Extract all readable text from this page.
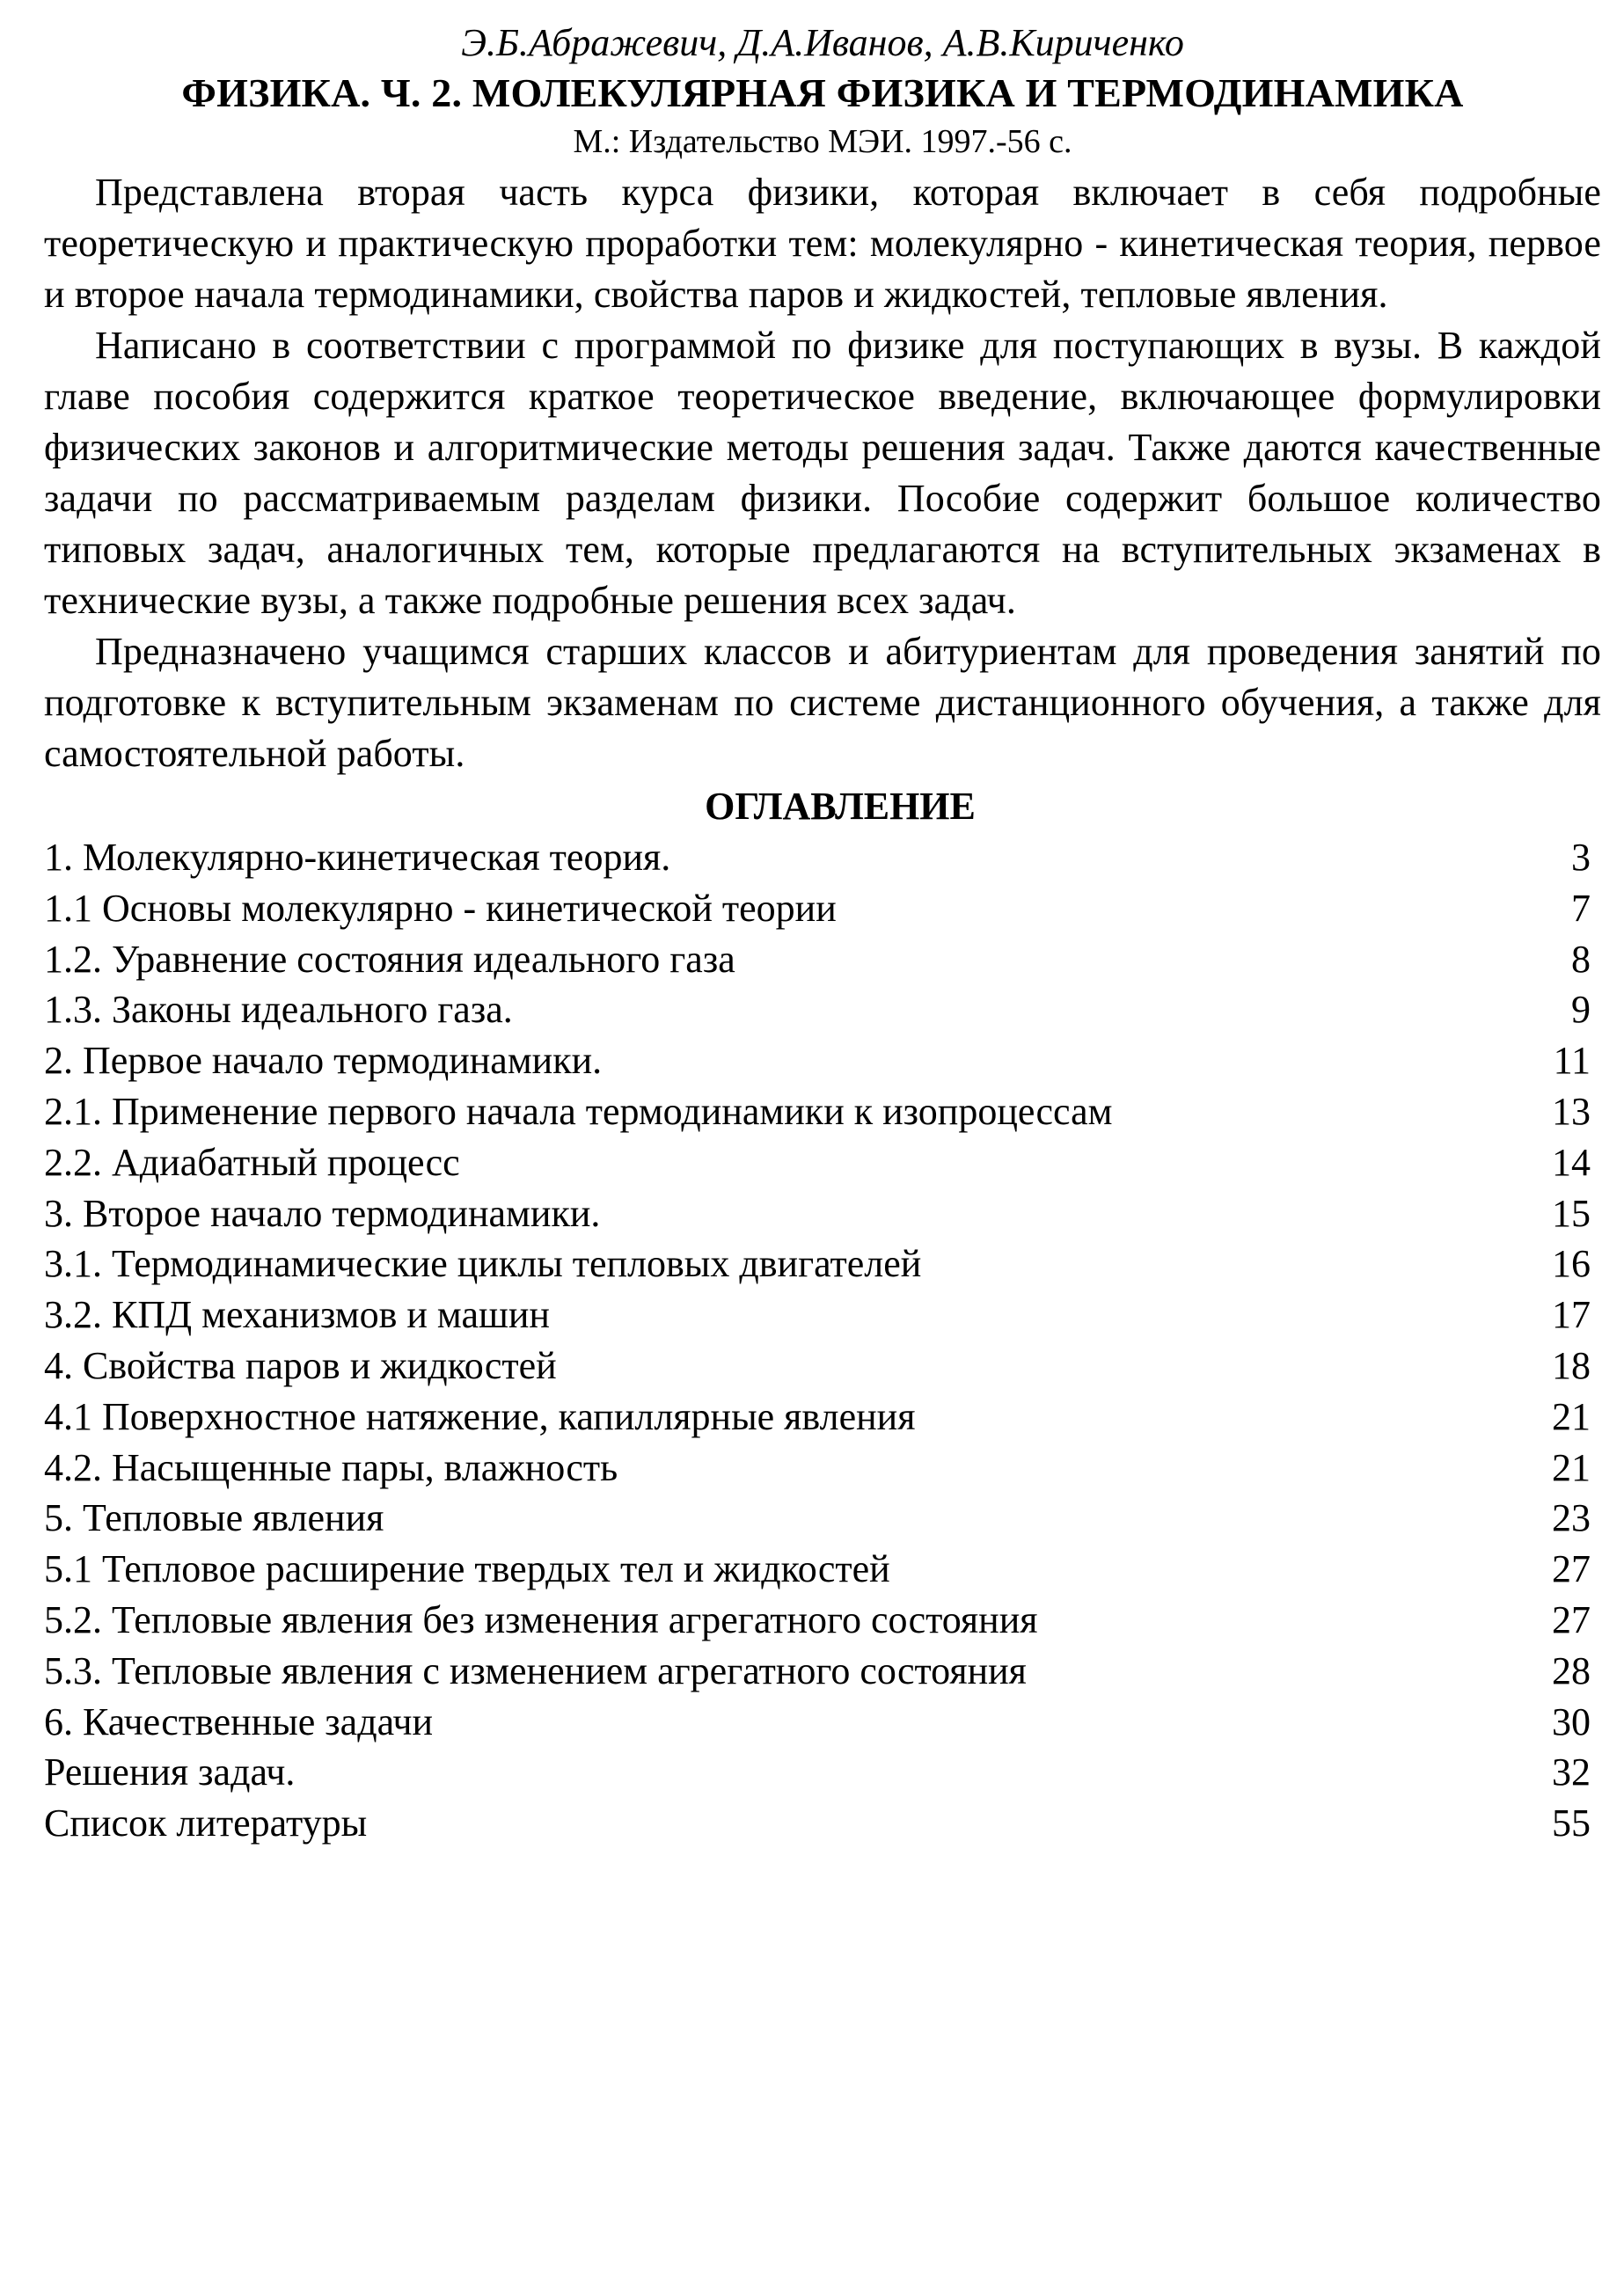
Э.Б.Абражевич, Д.А.Иванов, А.В.Кириченко

ФИЗИКА. Ч. 2. МОЛЕКУЛЯРНАЯ ФИЗИКА И ТЕРМОДИНАМИКА

М.: Издательство МЭИ. 1997.-56 с.

Представлена вторая часть курса физики, которая включает в себя подробные теоретическую и практическую проработки тем: молекулярно - кинетическая теория, первое и второе начала термодинамики, свойства паров и жидкостей, тепловые явления.

Написано в соответствии с программой по физике для поступающих в вузы. В каждой главе пособия содержится краткое теоретическое введение, включающее формулировки физических законов и алгоритмические методы решения задач. Также даются качественные задачи по рассматриваемым разделам физики. Пособие содержит большое количество типовых задач, аналогичных тем, которые предлагаются на вступительных экзаменах в технические вузы, а также подробные решения всех задач.

Предназначено учащимся старших классов и абитуриентам для проведения занятий по подготовке к вступительным экзаменам по системе дистанционного обучения, а также для самостоятельной работы.

ОГЛАВЛЕНИЕ
1. Молекулярно-кинетическая теория.	3
1.1 Основы молекулярно - кинетической теории	7
1.2. Уравнение состояния идеального газа	8
1.3. Законы идеального газа.	9
2. Первое начало термодинамики.	11
2.1. Применение первого начала термодинамики к изопроцессам	13
2.2. Адиабатный процесс	14
3. Второе начало термодинамики.	15
3.1. Термодинамические циклы тепловых двигателей	16
3.2. КПД механизмов и машин	17
4. Свойства паров и жидкостей	18
4.1 Поверхностное натяжение, капиллярные явления	21
4.2. Насыщенные пары, влажность	21
5. Тепловые явления	23
5.1 Тепловое расширение твердых тел и жидкостей	27
5.2. Тепловые явления без изменения агрегатного состояния	27
5.3. Тепловые явления с изменением агрегатного состояния	28
6. Качественные задачи	30
Решения задач.	32
Список литературы	55
